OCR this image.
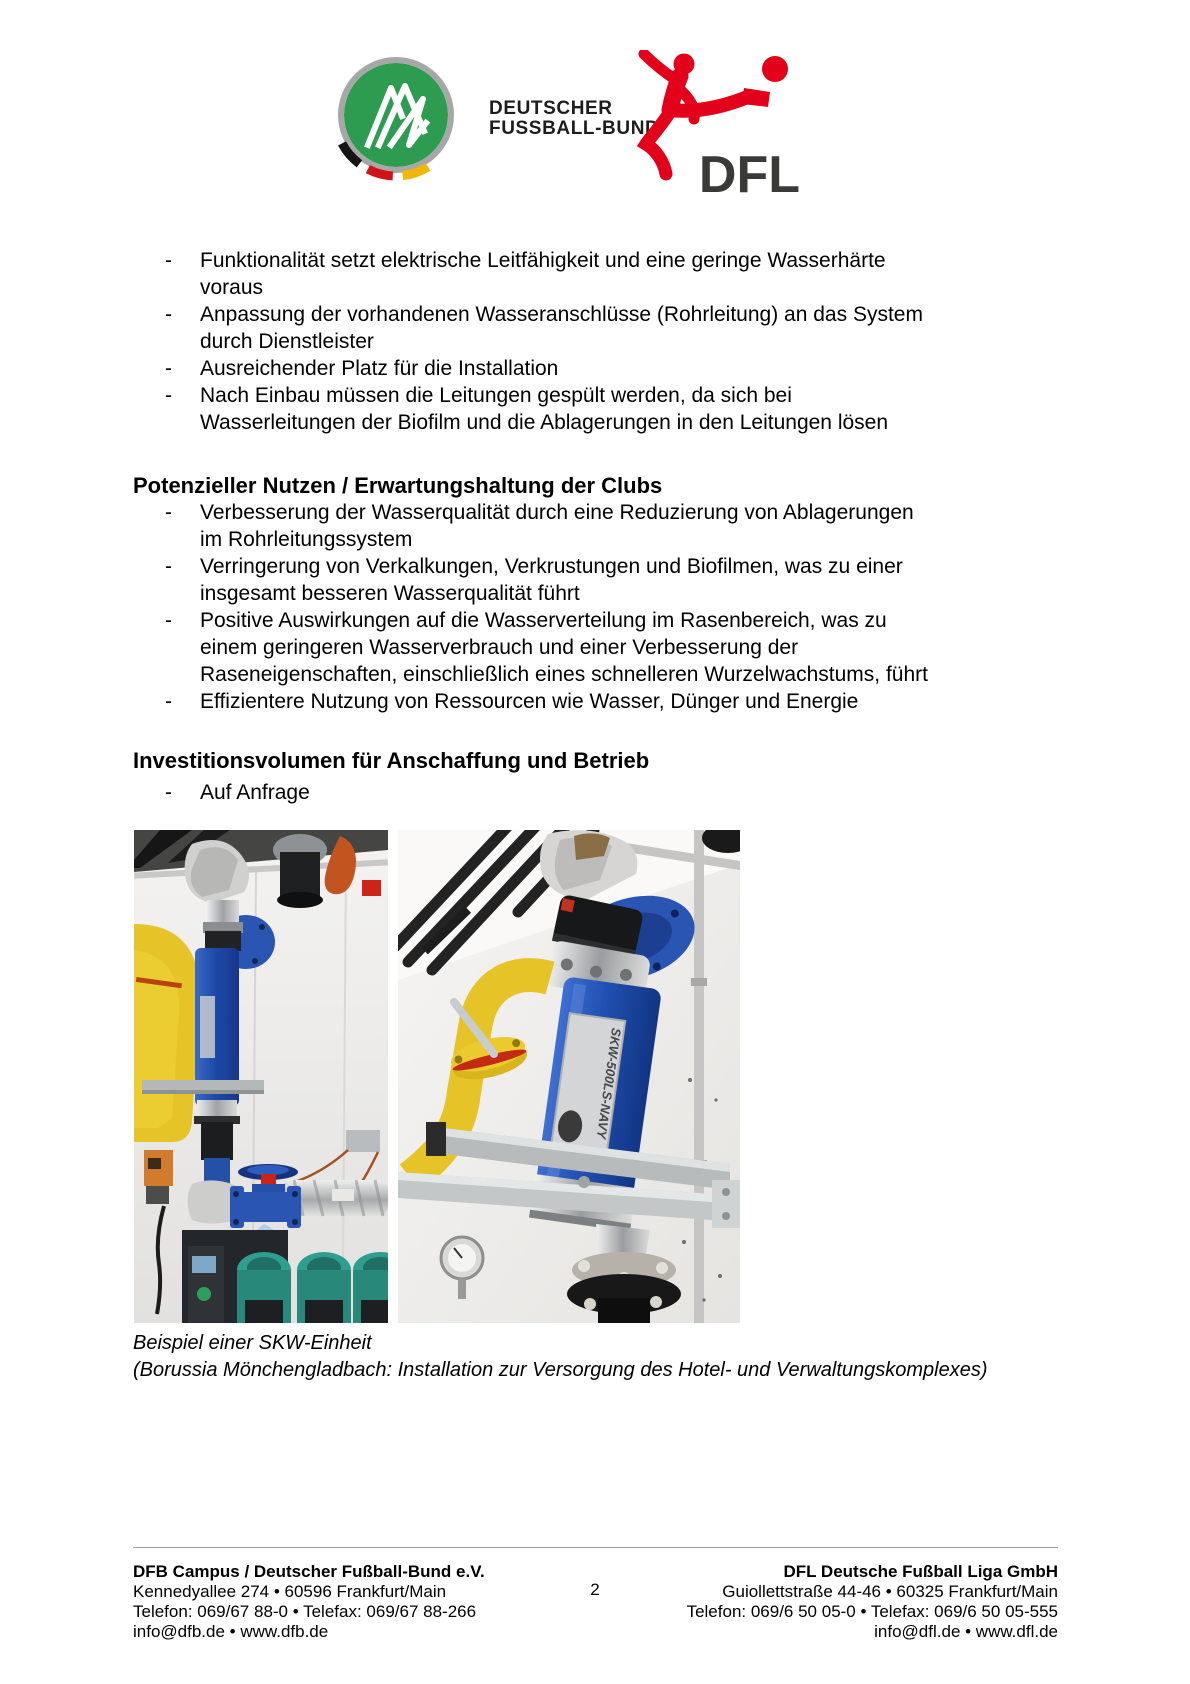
DEUTSCHER
FUSSBALL-BUND
DFL
-	Funktionalität setzt elektrische Leitfähigkeit und eine geringe Wasserhärte
voraus
-	Anpassung der vorhandenen Wasseranschlüsse (Rohrleitung) an das System
durch Dienstleister
-	Ausreichender Platz für die Installation
-	Nach Einbau müssen die Leitungen gespült werden, da sich bei
Wasserleitungen der Biofilm und die Ablagerungen in den Leitungen lösen
Potenzieller Nutzen / Erwartungshaltung der Clubs
-	Verbesserung der Wasserqualität durch eine Reduzierung von Ablagerungen
im Rohrleitungssystem
-	Verringerung von Verkalkungen, Verkrustungen und Biofilmen, was zu einer
insgesamt besseren Wasserqualität führt
-	Positive Auswirkungen auf die Wasserverteilung im Rasenbereich, was zu
einem geringeren Wasserverbrauch und einer Verbesserung der
Raseneigenschaften, einschließlich eines schnelleren Wurzelwachstums, führt
-	Effizientere Nutzung von Ressourcen wie Wasser, Dünger und Energie
Investitionsvolumen für Anschaffung und Betrieb
-	Auf Anfrage
SKW-500LS-NAVY
Beispiel einer SKW-Einheit
(Borussia Mönchengladbach: Installation zur Versorgung des Hotel- und Verwaltungskomplexes)
DFB Campus / Deutscher Fußball-Bund e.V.
Kennedyallee 274 • 60596 Frankfurt/Main
Telefon: 069/67 88-0 • Telefax: 069/67 88-266
info@dfb.de • www.dfb.de
2
DFL Deutsche Fußball Liga GmbH
Guiollettstraße 44-46 • 60325 Frankfurt/Main
Telefon: 069/6 50 05-0 • Telefax: 069/6 50 05-555
info@dfl.de • www.dfl.de
